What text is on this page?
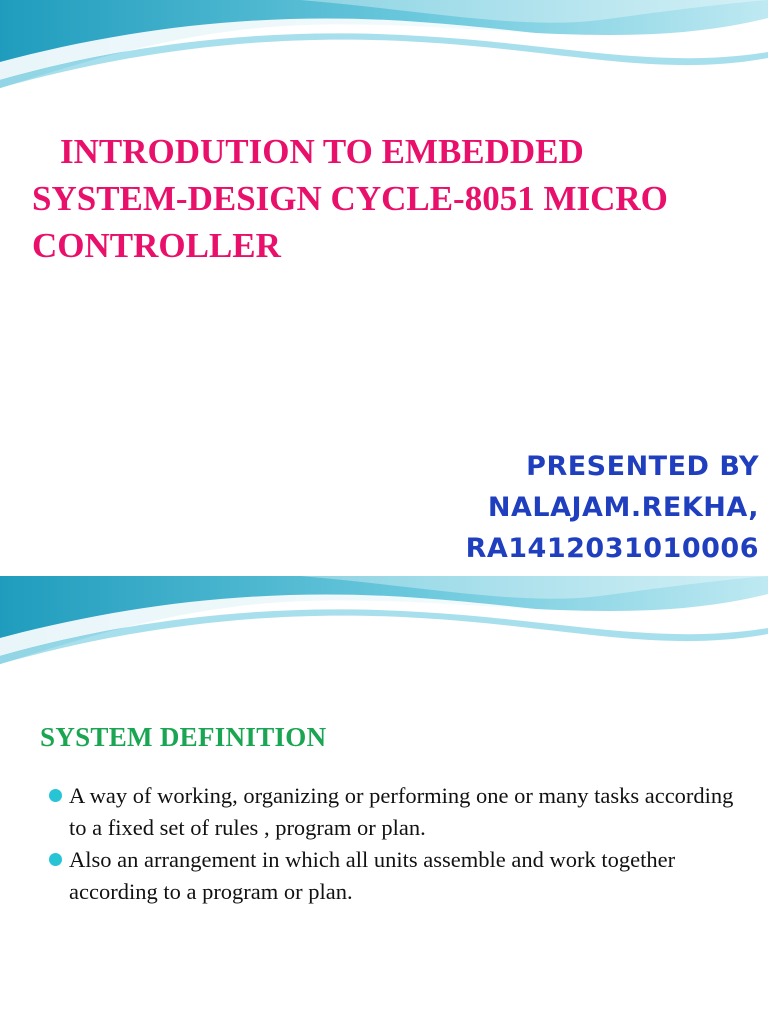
INTRODUTION TO EMBEDDED SYSTEM-DESIGN CYCLE-8051 MICRO CONTROLLER
PRESENTED BY
NALAJAM.REKHA,
RA1412031010006
SYSTEM DEFINITION
A way of working, organizing or performing one or many tasks according to a fixed set of rules , program or plan.
Also an arrangement in which all units assemble and work together according to a program or plan.
